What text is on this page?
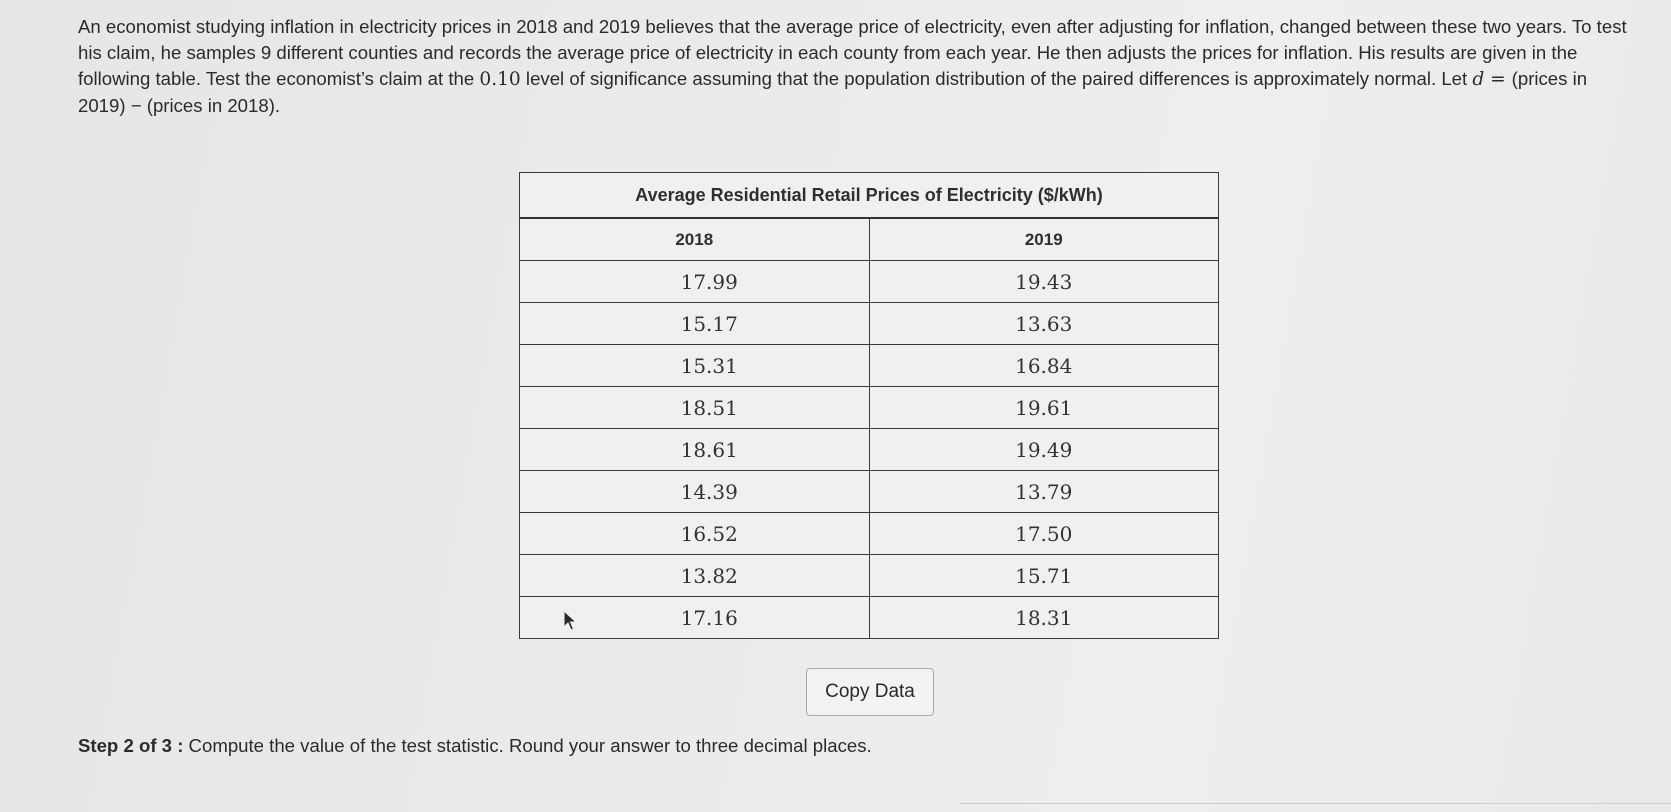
An economist studying inflation in electricity prices in 2018 and 2019 believes that the average price of electricity, even after adjusting for inflation, changed between these two years. To test his claim, he samples 9 different counties and records the average price of electricity in each county from each year. He then adjusts the prices for inflation. His results are given in the following table. Test the economist’s claim at the 0.10 level of significance assuming that the population distribution of the paired differences is approximately normal. Let d = (prices in 2019) − (prices in 2018).

Average Residential Retail Prices of Electricity ($/kWh)	
2018	2019
17.99	19.43
15.17	13.63
15.31	16.84
18.51	19.61
18.61	19.49
14.39	13.79
16.52	17.50
13.82	15.71
17.16	18.31
Copy Data

Step 2 of 3 : Compute the value of the test statistic. Round your answer to three decimal places.
